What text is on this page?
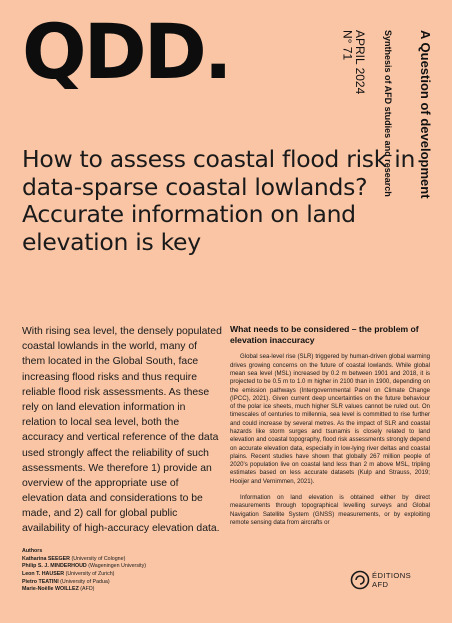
QDD.	A Question of development
Synthesis of AFD studies and research
APRIL 2024
N° 71
How to assess coastal flood risk in data-sparse coastal lowlands? Accurate information on land elevation is key

With rising sea level, the densely populated coastal lowlands in the world, many of them located in the Global South, face increasing flood risks and thus require reliable flood risk assessments. As these rely on land elevation information in relation to local sea level, both the accuracy and vertical reference of the data used strongly affect the reliability of such assessments. We therefore 1) provide an overview of the appropriate use of elevation data and considerations to be made, and 2) call for global public availability of high-accuracy elevation data.

What needs to be considered – the problem of elevation inaccuracy

Global sea-level rise (SLR) triggered by human-driven global warming drives growing concerns on the future of coastal lowlands. While global mean sea level (MSL) increased by 0.2 m between 1901 and 2018, it is projected to be 0.5 m to 1.0 m higher in 2100 than in 1900, depending on the emission pathways (Intergovernmental Panel on Climate Change (IPCC), 2021). Given current deep uncertainties on the future behaviour of the polar ice sheets, much higher SLR values cannot be ruled out. On timescales of centuries to millennia, sea level is committed to rise further and could increase by several metres. As the impact of SLR and coastal hazards like storm surges and tsunamis is closely related to land elevation and coastal topography, flood risk assessments strongly depend on accurate elevation data, especially in low-lying river deltas and coastal plains. Recent studies have shown that globally 267 million people of 2020's population live on coastal land less than 2 m above MSL, tripling estimates based on less accurate datasets (Kulp and Strauss, 2019; Hooijer and Vernimmen, 2021).

Information on land elevation is obtained either by direct measurements through topographical levelling surveys and Global Navigation Satellite System (GNSS) measurements, or by exploiting remote sensing data from aircrafts or

Authors
Katharina SEEGER (University of Cologne)
Philip S. J. MINDERHOUD (Wageningen University)
Leon T. HAUSER (University of Zurich)
Pietro TEATINI (University of Padua)
Marie-Noëlle WOILLEZ (AFD)
ÉDITIONS
AFD
